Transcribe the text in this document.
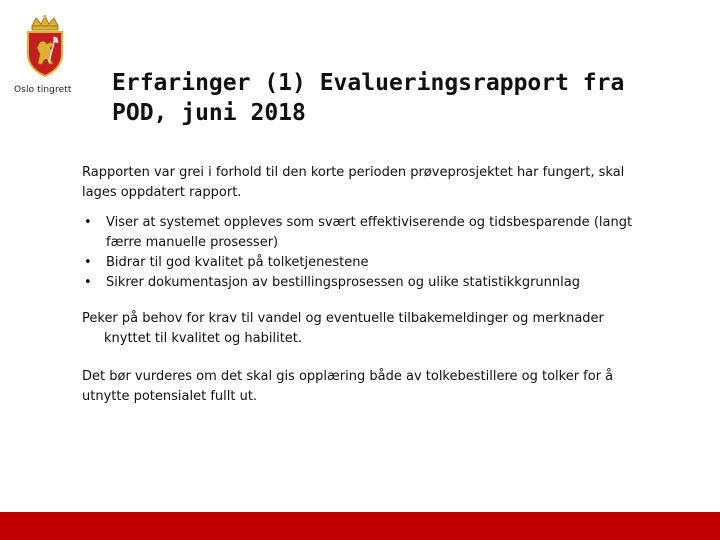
Oslo tingrett Erfaringer (1) Evalueringsrapport fra
POD, juni 2018

Rapporten var grei i forhold til den korte perioden prøveprosjektet har fungert, skal lages oppdatert rapport.

• Viser at systemet oppleves som svært effektiviserende og tidsbesparende (langt færre manuelle prosesser)
• Bidrar til god kvalitet på tolketjenestene
• Sikrer dokumentasjon av bestillingsprosessen og ulike statistikkgrunnlag

Peker på behov for krav til vandel og eventuelle tilbakemeldinger og merknader knyttet til kvalitet og habilitet.

Det bør vurderes om det skal gis opplæring både av tolkebestillere og tolker for å utnytte potensialet fullt ut.
